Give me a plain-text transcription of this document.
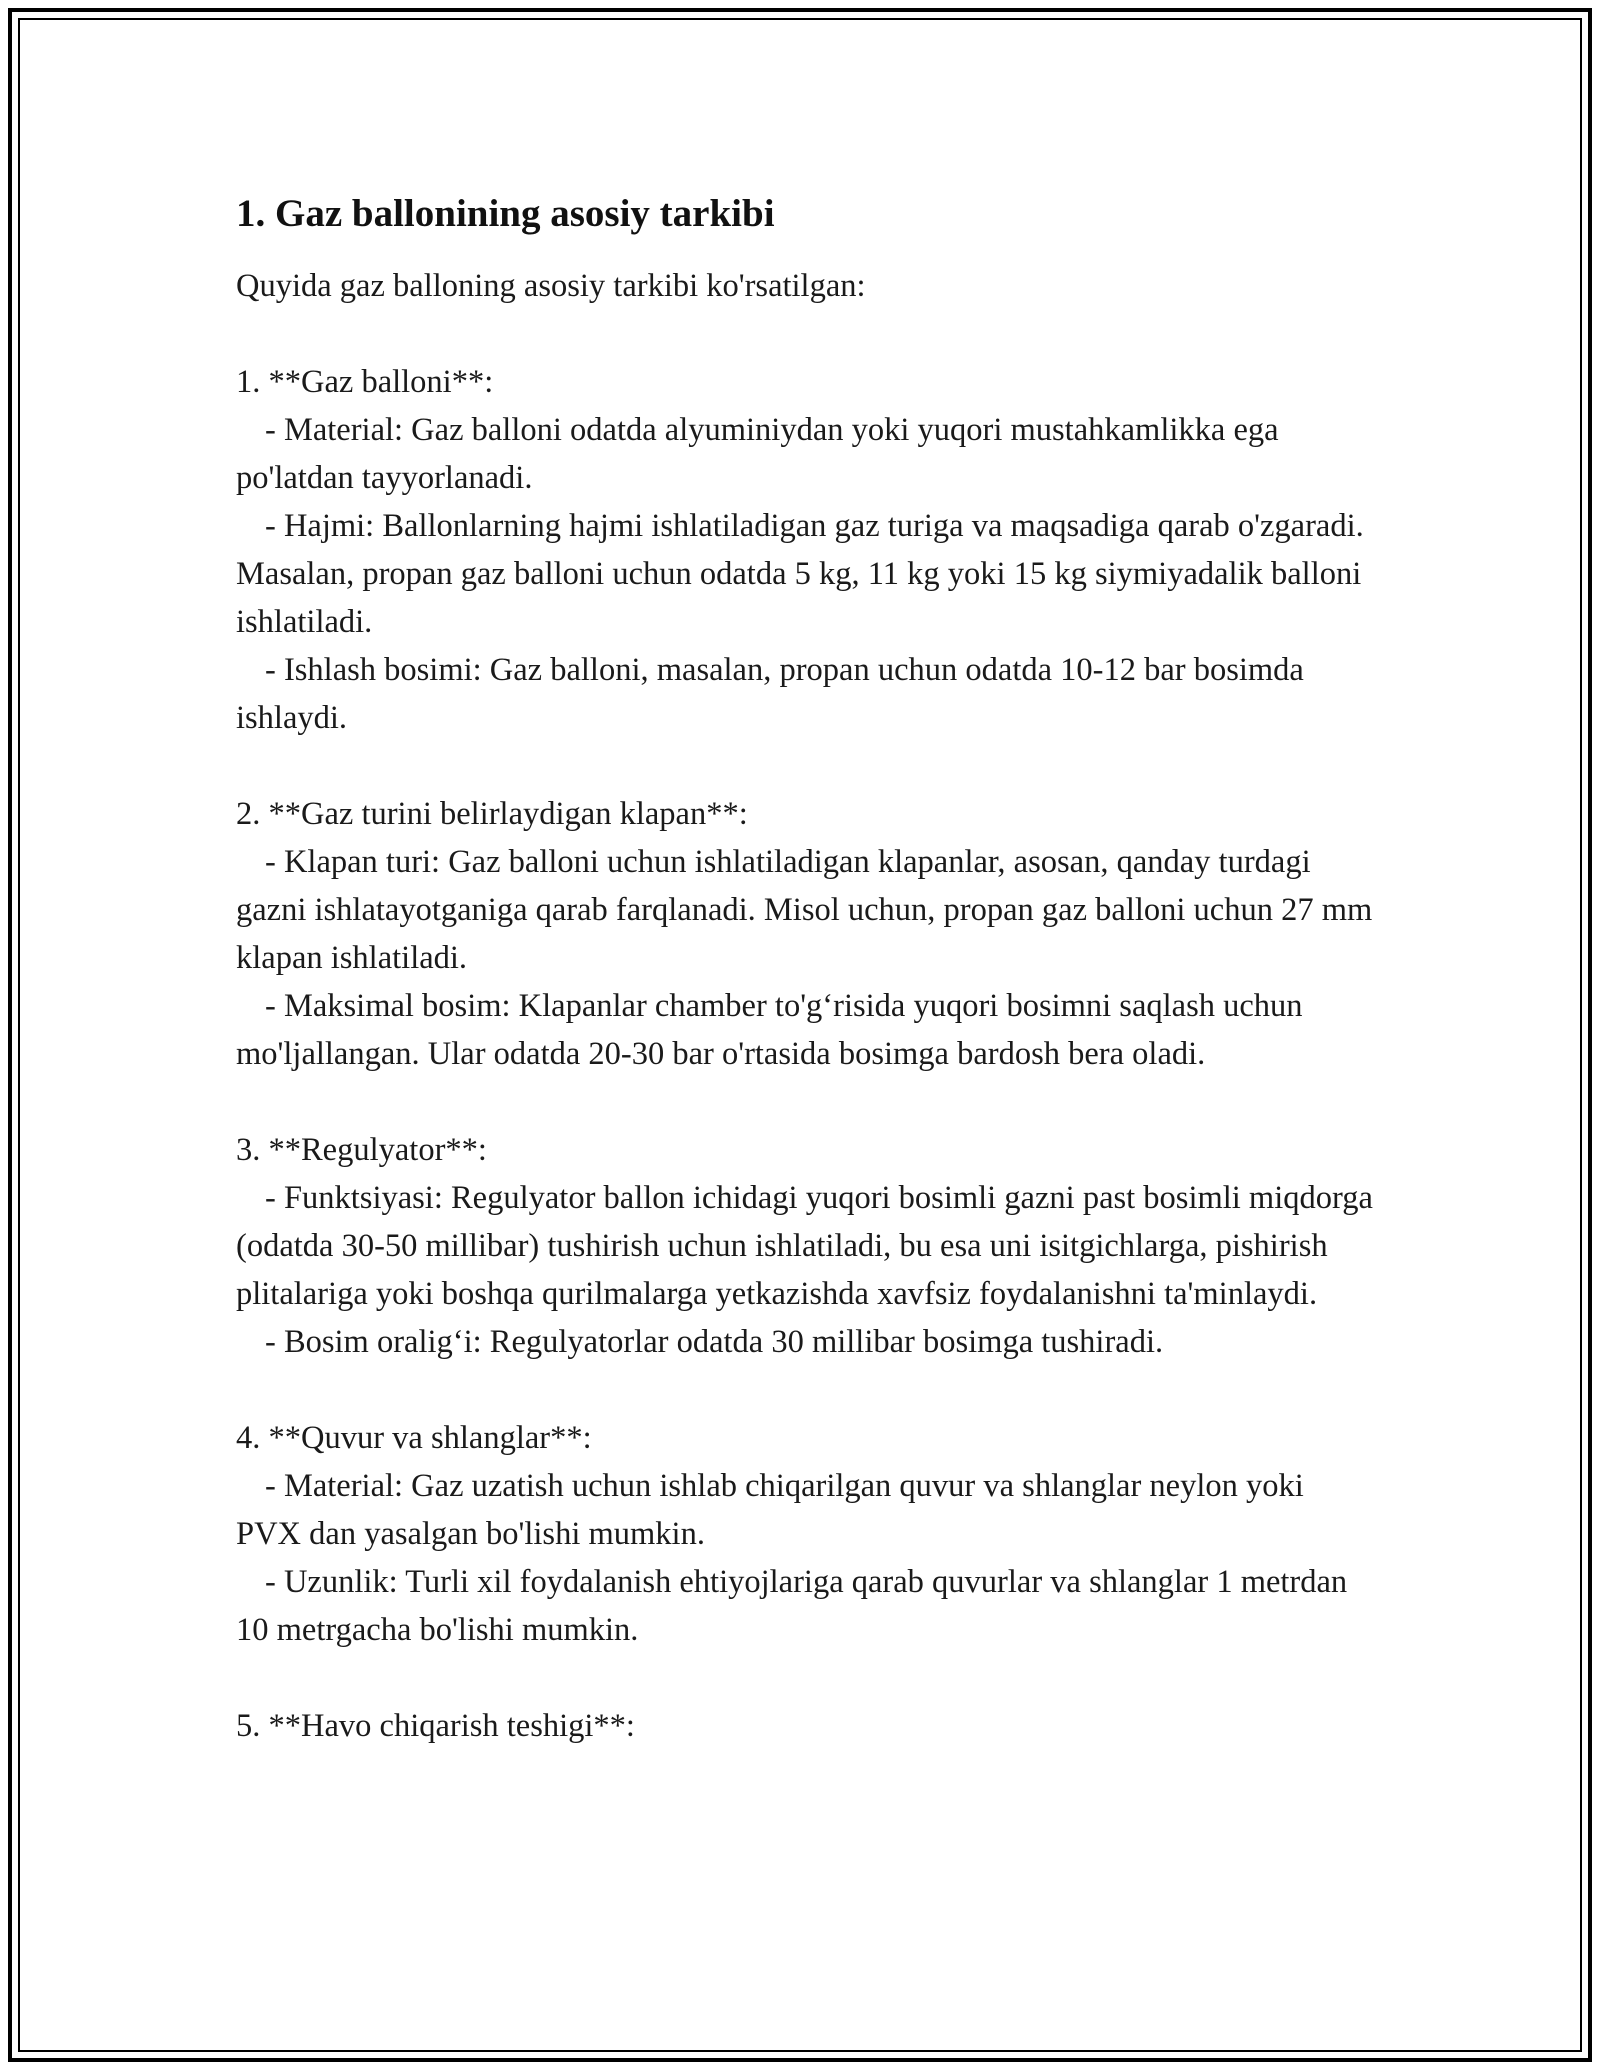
1. Gaz ballonining asosiy tarkibi

Quyida gaz balloning asosiy tarkibi ko'rsatilgan:

1. **Gaz balloni**:

- Material: Gaz balloni odatda alyuminiydan yoki yuqori mustahkamlikka ega po'latdan tayyorlanadi.

- Hajmi: Ballonlarning hajmi ishlatiladigan gaz turiga va maqsadiga qarab o'zgaradi. Masalan, propan gaz balloni uchun odatda 5 kg, 11 kg yoki 15 kg siymiyadalik balloni ishlatiladi.

- Ishlash bosimi: Gaz balloni, masalan, propan uchun odatda 10-12 bar bosimda ishlaydi.

2. **Gaz turini belirlaydigan klapan**:

- Klapan turi: Gaz balloni uchun ishlatiladigan klapanlar, asosan, qanday turdagi gazni ishlatayotganiga qarab farqlanadi. Misol uchun, propan gaz balloni uchun 27 mm klapan ishlatiladi.

- Maksimal bosim: Klapanlar chamber to'g‘risida yuqori bosimni saqlash uchun mo'ljallangan. Ular odatda 20-30 bar o'rtasida bosimga bardosh bera oladi.

3. **Regulyator**:

- Funktsiyasi: Regulyator ballon ichidagi yuqori bosimli gazni past bosimli miqdorga (odatda 30-50 millibar) tushirish uchun ishlatiladi, bu esa uni isitgichlarga, pishirish plitalariga yoki boshqa qurilmalarga yetkazishda xavfsiz foydalanishni ta'minlaydi.

- Bosim oralig‘i: Regulyatorlar odatda 30 millibar bosimga tushiradi.

4. **Quvur va shlanglar**:

- Material: Gaz uzatish uchun ishlab chiqarilgan quvur va shlanglar neylon yoki PVX dan yasalgan bo'lishi mumkin.

- Uzunlik: Turli xil foydalanish ehtiyojlariga qarab quvurlar va shlanglar 1 metrdan 10 metrgacha bo'lishi mumkin.

5. **Havo chiqarish teshigi**:
